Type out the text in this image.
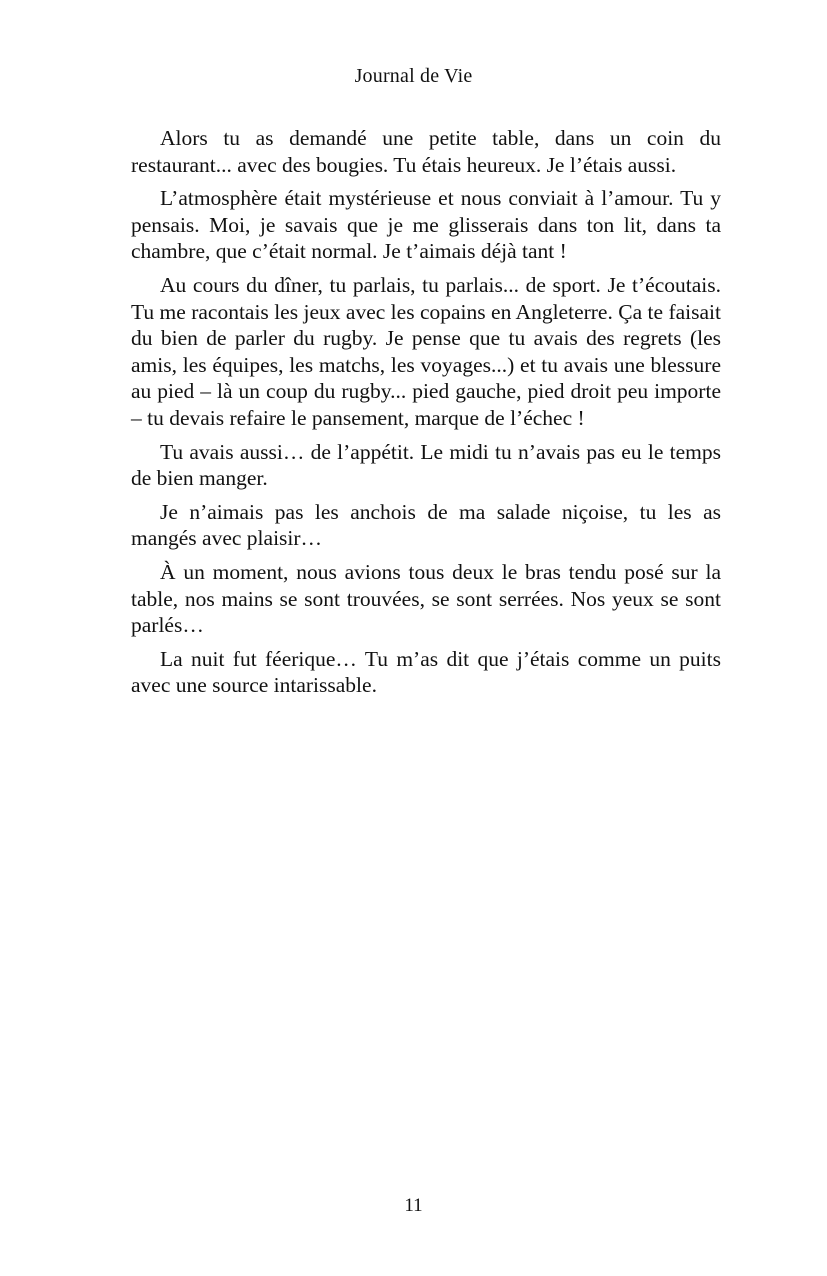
Journal de Vie

Alors tu as demandé une petite table, dans un coin du restaurant... avec des bougies. Tu étais heureux. Je l’étais aussi.

L’atmosphère était mystérieuse et nous conviait à l’amour. Tu y pensais. Moi, je savais que je me glisserais dans ton lit, dans ta chambre, que c’était normal. Je t’aimais déjà tant !

Au cours du dîner, tu parlais, tu parlais... de sport. Je t’écoutais. Tu me racontais les jeux avec les copains en Angleterre. Ça te faisait du bien de parler du rugby. Je pense que tu avais des regrets (les amis, les équipes, les matchs, les voyages...) et tu avais une blessure au pied – là un coup du rugby... pied gauche, pied droit peu importe – tu devais refaire le pansement, marque de l’échec !

Tu avais aussi… de l’appétit. Le midi tu n’avais pas eu le temps de bien manger.

Je n’aimais pas les anchois de ma salade niçoise, tu les as mangés avec plaisir…

À un moment, nous avions tous deux le bras tendu posé sur la table, nos mains se sont trouvées, se sont serrées. Nos yeux se sont parlés…

La nuit fut féerique… Tu m’as dit que j’étais comme un puits avec une source intarissable.

11
